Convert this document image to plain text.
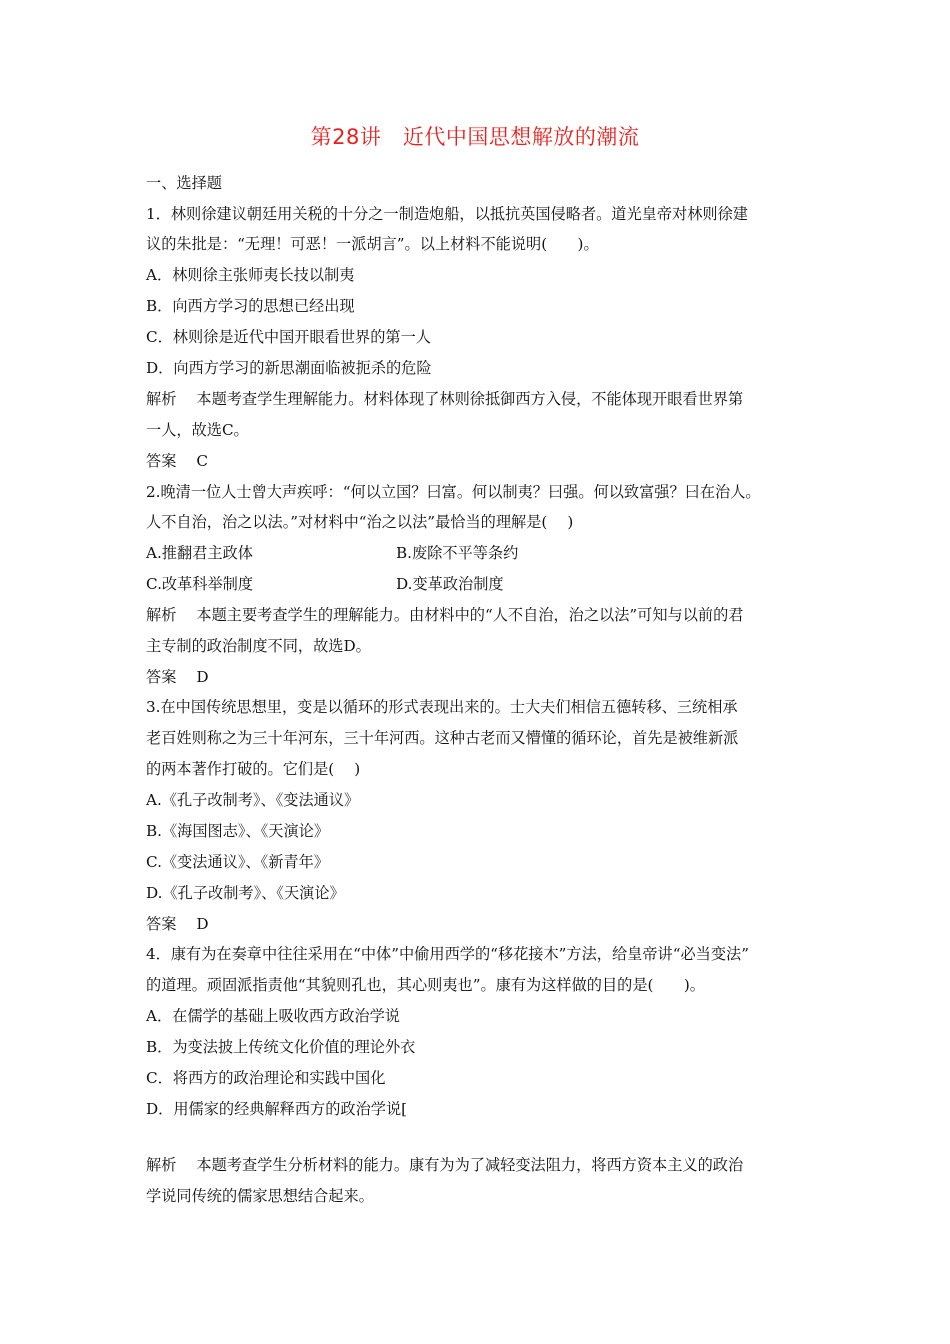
第28讲　近代中国思想解放的潮流
一、选择题
1．林则徐建议朝廷用关税的十分之一制造炮船，以抵抗英国侵略者。道光皇帝对林则徐建
议的朱批是：“无理！可恶！一派胡言”。以上材料不能说明(　　)。
A．林则徐主张师夷长技以制夷
B．向西方学习的思想已经出现
C．林则徐是近代中国开眼看世界的第一人
D．向西方学习的新思潮面临被扼杀的危险
解析 本题考查学生理解能力。材料体现了林则徐抵御西方入侵，不能体现开眼看世界第
一人，故选C。
答案 C
2.晚清一位人士曾大声疾呼：“何以立国？曰富。何以制夷？曰强。何以致富强？曰在治人。
人不自治，治之以法。”对材料中“治之以法”最恰当的理解是(　 )
A.推翻君主政体	B.废除不平等条约
C.改革科举制度	D.变革政治制度
解析 本题主要考查学生的理解能力。由材料中的“人不自治，治之以法”可知与以前的君
主专制的政治制度不同，故选D。
答案 D
3.在中国传统思想里，变是以循环的形式表现出来的。士大夫们相信五德转移、三统相承
老百姓则称之为三十年河东，三十年河西。这种古老而又懵懂的循环论，首先是被维新派
的两本著作打破的。它们是(　 )
A.《孔子改制考》、《变法通议》
B.《海国图志》、《天演论》
C.《变法通议》、《新青年》
D.《孔子改制考》、《天演论》
答案 D
4．康有为在奏章中往往采用在“中体”中偷用西学的“移花接木”方法，给皇帝讲“必当变法”
的道理。顽固派指责他“其貌则孔也，其心则夷也”。康有为这样做的目的是(　　)。
A．在儒学的基础上吸收西方政治学说
B．为变法披上传统文化价值的理论外衣
C．将西方的政治理论和实践中国化
D．用儒家的经典解释西方的政治学说[
解析 本题考查学生分析材料的能力。康有为为了减轻变法阻力，将西方资本主义的政治
学说同传统的儒家思想结合起来。
